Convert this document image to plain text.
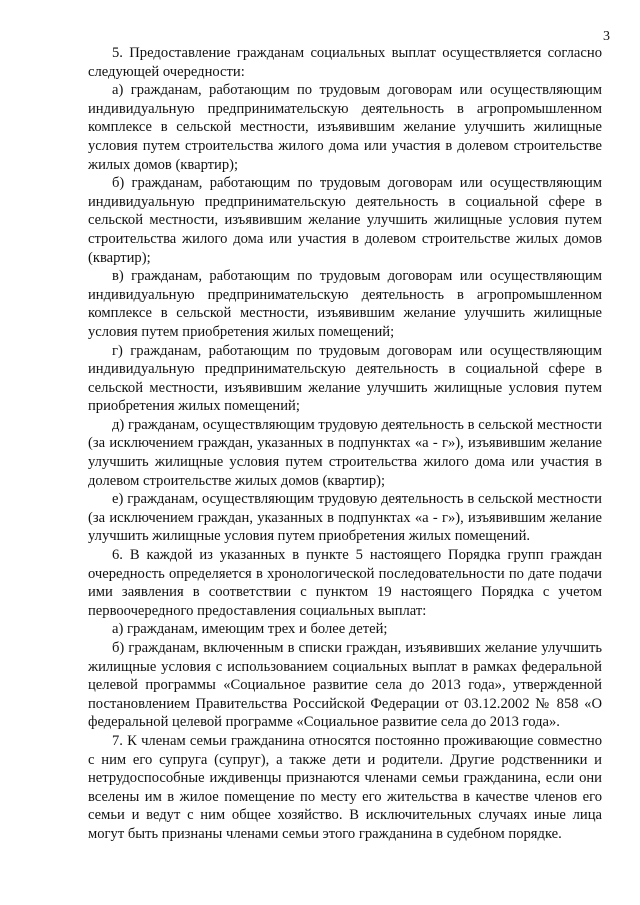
3

5. Предоставление гражданам социальных выплат осуществляется согласно следующей очередности:

а) гражданам, работающим по трудовым договорам или осуществляющим индивидуальную предпринимательскую деятельность в агропромышленном комплексе в сельской местности, изъявившим желание улучшить жилищные условия путем строительства жилого дома или участия в долевом строительстве жилых домов (квартир);

б) гражданам, работающим по трудовым договорам или осуществляющим индивидуальную предпринимательскую деятельность в социальной сфере в сельской местности, изъявившим желание улучшить жилищные условия путем строительства жилого дома или участия в долевом строительстве жилых домов (квартир);

в) гражданам, работающим по трудовым договорам или осуществляющим индивидуальную предпринимательскую деятельность в агропромышленном комплексе в сельской местности, изъявившим желание улучшить жилищные условия путем приобретения жилых помещений;

г) гражданам, работающим по трудовым договорам или осуществляющим индивидуальную предпринимательскую деятельность в социальной сфере в сельской местности, изъявившим желание улучшить жилищные условия путем приобретения жилых помещений;

д) гражданам, осуществляющим трудовую деятельность в сельской местности (за исключением граждан, указанных в подпунктах «а - г»), изъявившим желание улучшить жилищные условия путем строительства жилого дома или участия в долевом строительстве жилых домов (квартир);

е) гражданам, осуществляющим трудовую деятельность в сельской местности (за исключением граждан, указанных в подпунктах «а - г»), изъявившим желание улучшить жилищные условия путем приобретения жилых помещений.

6. В каждой из указанных в пункте 5 настоящего Порядка групп граждан очередность определяется в хронологической последовательности по дате подачи ими заявления в соответствии с пунктом 19 настоящего Порядка с учетом первоочередного предоставления социальных выплат:

а) гражданам, имеющим трех и более детей;

б) гражданам, включенным в списки граждан, изъявивших желание улучшить жилищные условия с использованием социальных выплат в рамках федеральной целевой программы «Социальное развитие села до 2013 года», утвержденной постановлением Правительства Российской Федерации от 03.12.2002 № 858 «О федеральной целевой программе «Социальное развитие села до 2013 года».

7. К членам семьи гражданина относятся постоянно проживающие совместно с ним его супруга (супруг), а также дети и родители. Другие родственники и нетрудоспособные иждивенцы признаются членами семьи гражданина, если они вселены им в жилое помещение по месту его жительства в качестве членов его семьи и ведут с ним общее хозяйство. В исключительных случаях иные лица могут быть признаны членами семьи этого гражданина в судебном порядке.
